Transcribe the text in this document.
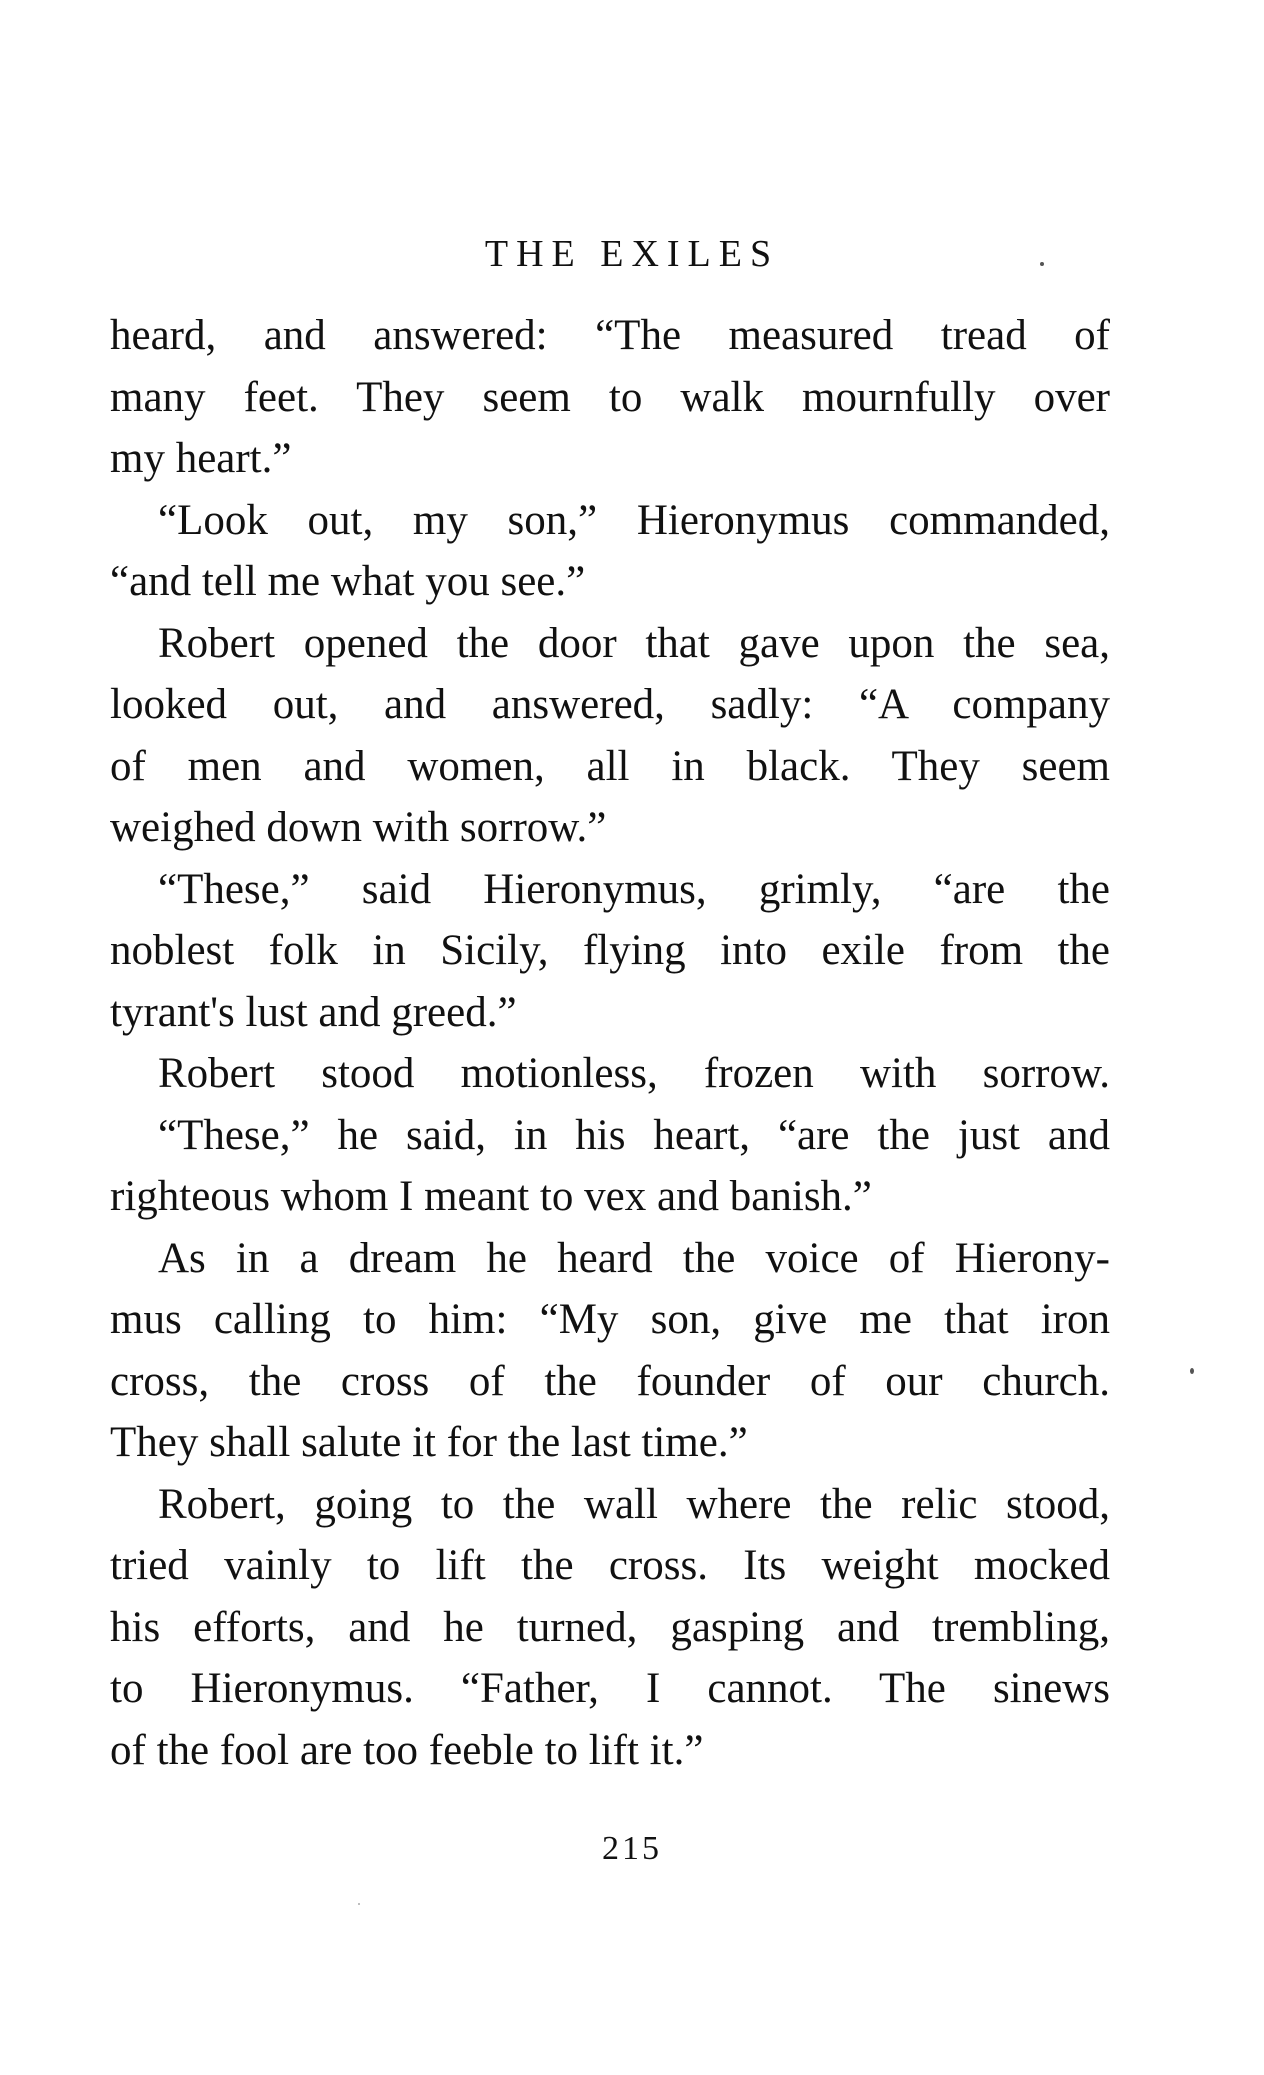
THE EXILES
heard, and answered: “The measured tread of
many feet. They seem to walk mournfully over
my heart.”
“Look out, my son,” Hieronymus commanded,
“and tell me what you see.”
Robert opened the door that gave upon the sea,
looked out, and answered, sadly: “A company
of men and women, all in black. They seem
weighed down with sorrow.”
“These,” said Hieronymus, grimly, “are the
noblest folk in Sicily, flying into exile from the
tyrant's lust and greed.”
Robert stood motionless, frozen with sorrow.
“These,” he said, in his heart, “are the just and
righteous whom I meant to vex and banish.”
As in a dream he heard the voice of Hierony-
mus calling to him: “My son, give me that iron
cross, the cross of the founder of our church.
They shall salute it for the last time.”
Robert, going to the wall where the relic stood,
tried vainly to lift the cross. Its weight mocked
his efforts, and he turned, gasping and trembling,
to Hieronymus. “Father, I cannot. The sinews
of the fool are too feeble to lift it.”
215
